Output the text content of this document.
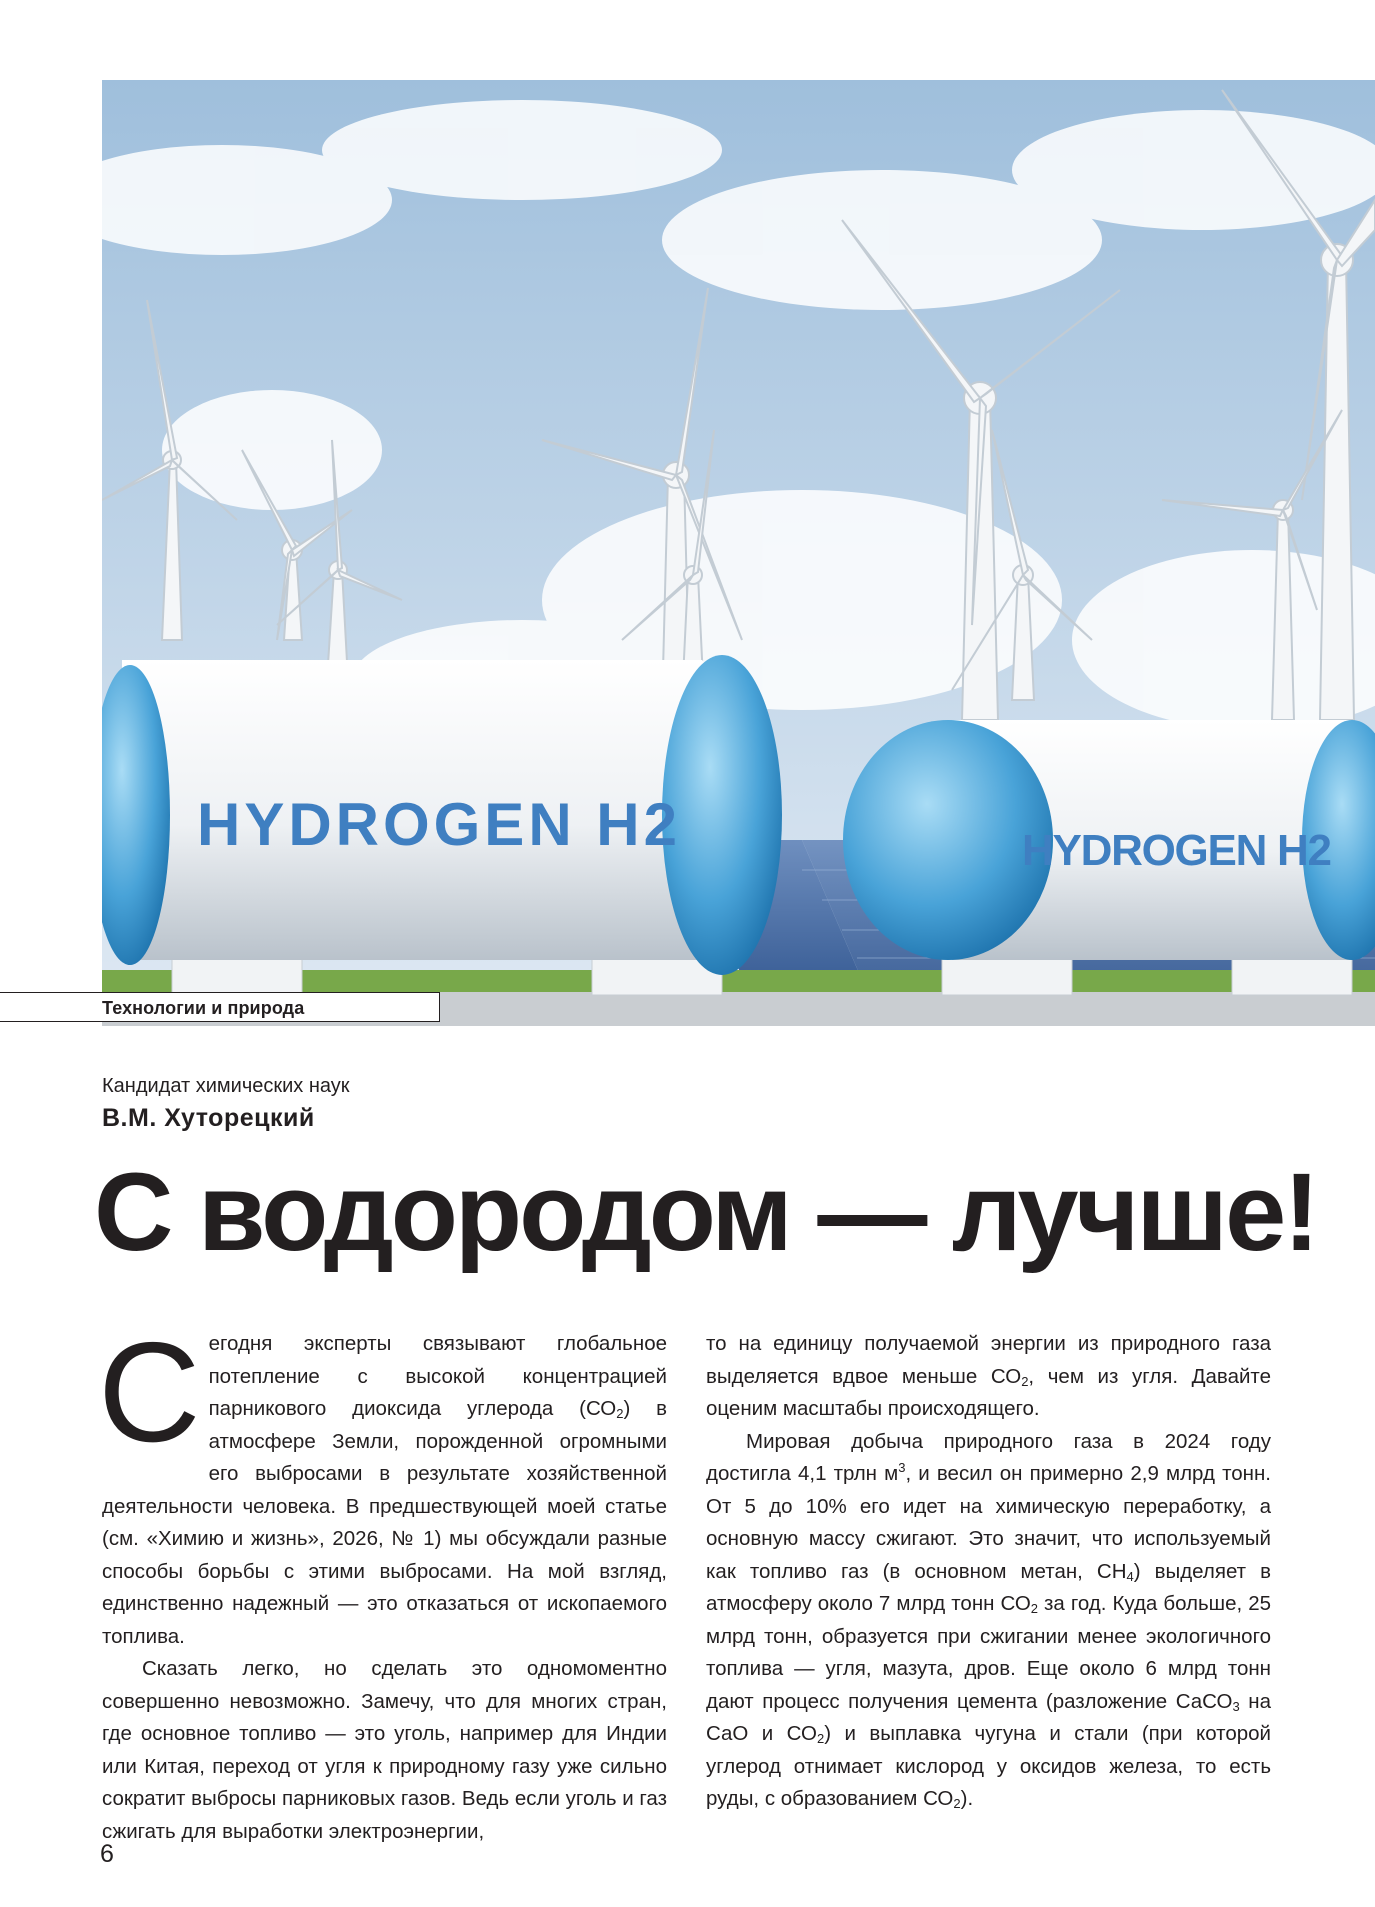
HYDROGEN H2	HYDROGEN H2
Технологии и природа
Кандидат химических наук
В.М. Хуторецкий
С водородом — лучше!

Сегодня эксперты связывают глобальное потепление с высокой концентрацией парникового диоксида углерода $(СО_2)$ в атмосфере Земли, порожденной огромными его выбросами в результате хозяйственной деятельности человека. В предшествующей моей статье (см. «Химию и жизнь», 2026, № 1) мы обсуждали разные способы борьбы с этими выбросами. На мой взгляд, единственно надежный — это отказаться от ископаемого топлива.

Сказать легко, но сделать это одномоментно совершенно невозможно. Замечу, что для многих стран, где основное топливо — это уголь, например для Индии или Китая, переход от угля к природному газу уже сильно сократит выбросы парниковых газов. Ведь если уголь и газ сжигать для выработки электроэнергии,

то на единицу получаемой энергии из природного газа выделяется вдвое меньше $СО_2$, чем из угля. Давайте оценим масштабы происходящего.

Мировая добыча природного газа в 2024 году достигла 4,1 трлн $м^3$, и весил он примерно 2,9 млрд тонн. От 5 до 10% его идет на химическую переработку, а основную массу сжигают. Это значит, что используемый как топливо газ (в основном метан, $СН_4$) выделяет в атмосферу около 7 млрд тонн $СО_2$ за год. Куда больше, 25 млрд тонн, образуется при сжигании менее экологичного топлива — угля, мазута, дров. Еще около 6 млрд тонн дают процесс получения цемента (разложение СаСО$_3$ на СаО и $СО_2$) и выплавка чугуна и стали (при которой углерод отнимает кислород у оксидов железа, то есть руды, с образованием $СО_2$).

6
